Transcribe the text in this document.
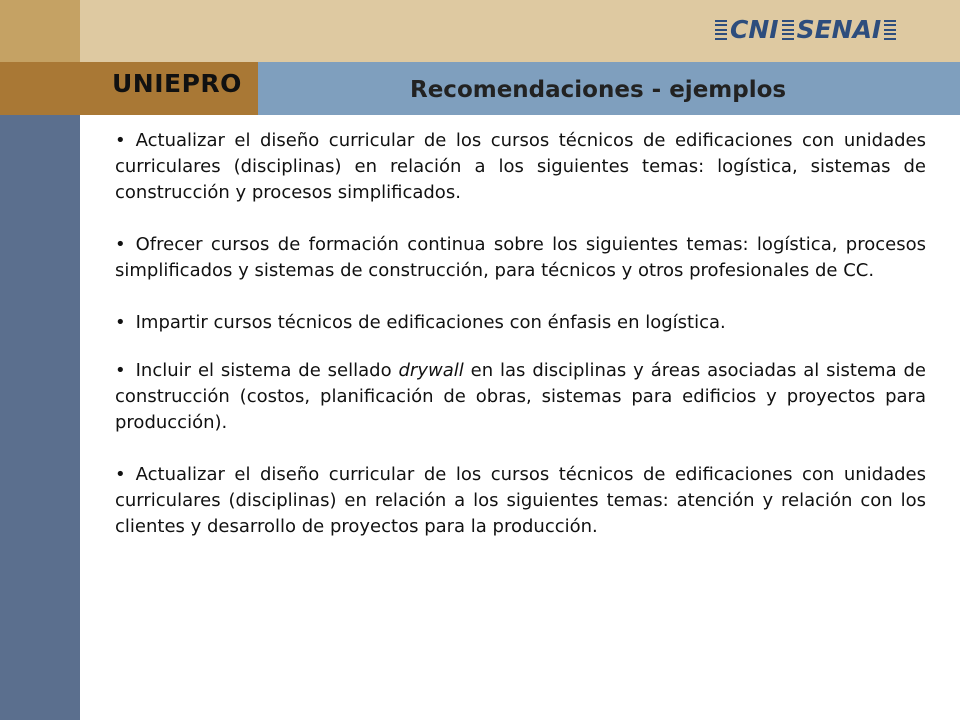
UNIEPRO	Recomendaciones - ejemplos
CNI SENAI

• Actualizar el diseño curricular de los cursos técnicos de edificaciones con unidades curriculares (disciplinas) en relación a los siguientes temas: logística, sistemas de construcción y procesos simplificados.

• Ofrecer cursos de formación continua sobre los siguientes temas: logística, procesos simplificados y sistemas de construcción, para técnicos y otros profesionales de CC.

• Impartir cursos técnicos de edificaciones con énfasis en logística.

• Incluir el sistema de sellado drywall en las disciplinas y áreas asociadas al sistema de construcción (costos, planificación de obras, sistemas para edificios y proyectos para producción).

• Actualizar el diseño curricular de los cursos técnicos de edificaciones con unidades curriculares (disciplinas) en relación a los siguientes temas: atención y relación con los clientes y desarrollo de proyectos para la producción.
